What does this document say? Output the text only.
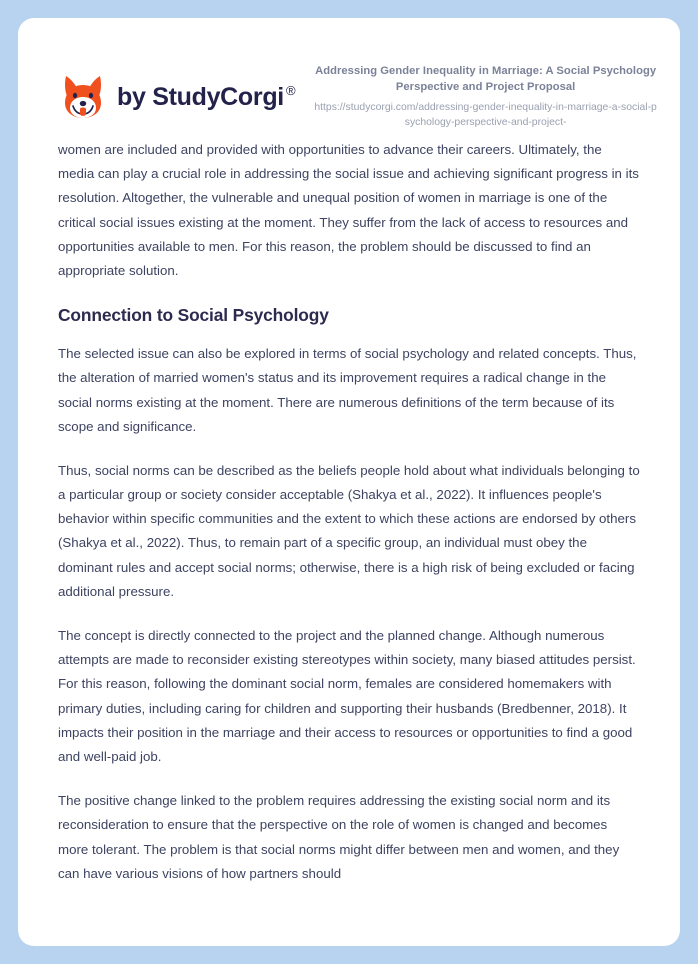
by StudyCorgi ®
Addressing Gender Inequality in Marriage: A Social Psychology Perspective and Project Proposal
https://studycorgi.com/addressing-gender-inequality-in-marriage-a-social-psychology-perspective-and-project-

women are included and provided with opportunities to advance their careers. Ultimately, the media can play a crucial role in addressing the social issue and achieving significant progress in its resolution. Altogether, the vulnerable and unequal position of women in marriage is one of the critical social issues existing at the moment. They suffer from the lack of access to resources and opportunities available to men. For this reason, the problem should be discussed to find an appropriate solution.

Connection to Social Psychology

The selected issue can also be explored in terms of social psychology and related concepts. Thus, the alteration of married women's status and its improvement requires a radical change in the social norms existing at the moment. There are numerous definitions of the term because of its scope and significance.

Thus, social norms can be described as the beliefs people hold about what individuals belonging to a particular group or society consider acceptable (Shakya et al., 2022). It influences people's behavior within specific communities and the extent to which these actions are endorsed by others (Shakya et al., 2022). Thus, to remain part of a specific group, an individual must obey the dominant rules and accept social norms; otherwise, there is a high risk of being excluded or facing additional pressure.

The concept is directly connected to the project and the planned change. Although numerous attempts are made to reconsider existing stereotypes within society, many biased attitudes persist. For this reason, following the dominant social norm, females are considered homemakers with primary duties, including caring for children and supporting their husbands (Bredbenner, 2018). It impacts their position in the marriage and their access to resources or opportunities to find a good and well-paid job.

The positive change linked to the problem requires addressing the existing social norm and its reconsideration to ensure that the perspective on the role of women is changed and becomes more tolerant. The problem is that social norms might differ between men and women, and they can have various visions of how partners should
